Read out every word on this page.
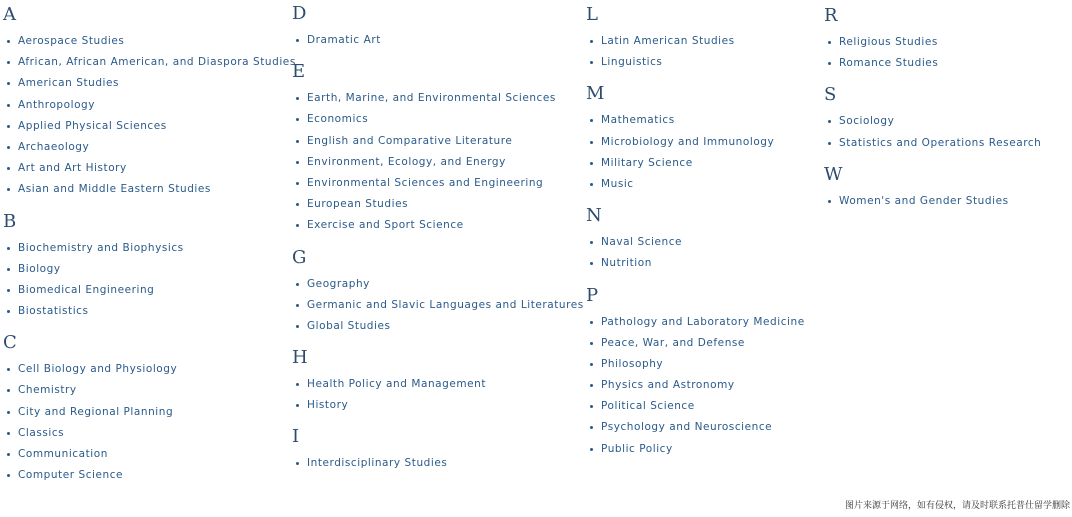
A
Aerospace Studies
African, African American, and Diaspora Studies
American Studies
Anthropology
Applied Physical Sciences
Archaeology
Art and Art History
Asian and Middle Eastern Studies
B
Biochemistry and Biophysics
Biology
Biomedical Engineering
Biostatistics
C
Cell Biology and Physiology
Chemistry
City and Regional Planning
Classics
Communication
Computer Science
D
Dramatic Art
E
Earth, Marine, and Environmental Sciences
Economics
English and Comparative Literature
Environment, Ecology, and Energy
Environmental Sciences and Engineering
European Studies
Exercise and Sport Science
G
Geography
Germanic and Slavic Languages and Literatures
Global Studies
H
Health Policy and Management
History
I
Interdisciplinary Studies
L
Latin American Studies
Linguistics
M
Mathematics
Microbiology and Immunology
Military Science
Music
N
Naval Science
Nutrition
P
Pathology and Laboratory Medicine
Peace, War, and Defense
Philosophy
Physics and Astronomy
Political Science
Psychology and Neuroscience
Public Policy
R
Religious Studies
Romance Studies
S
Sociology
Statistics and Operations Research
W
Women's and Gender Studies
图片来源于网络，如有侵权，请及时联系托普仕留学删除
